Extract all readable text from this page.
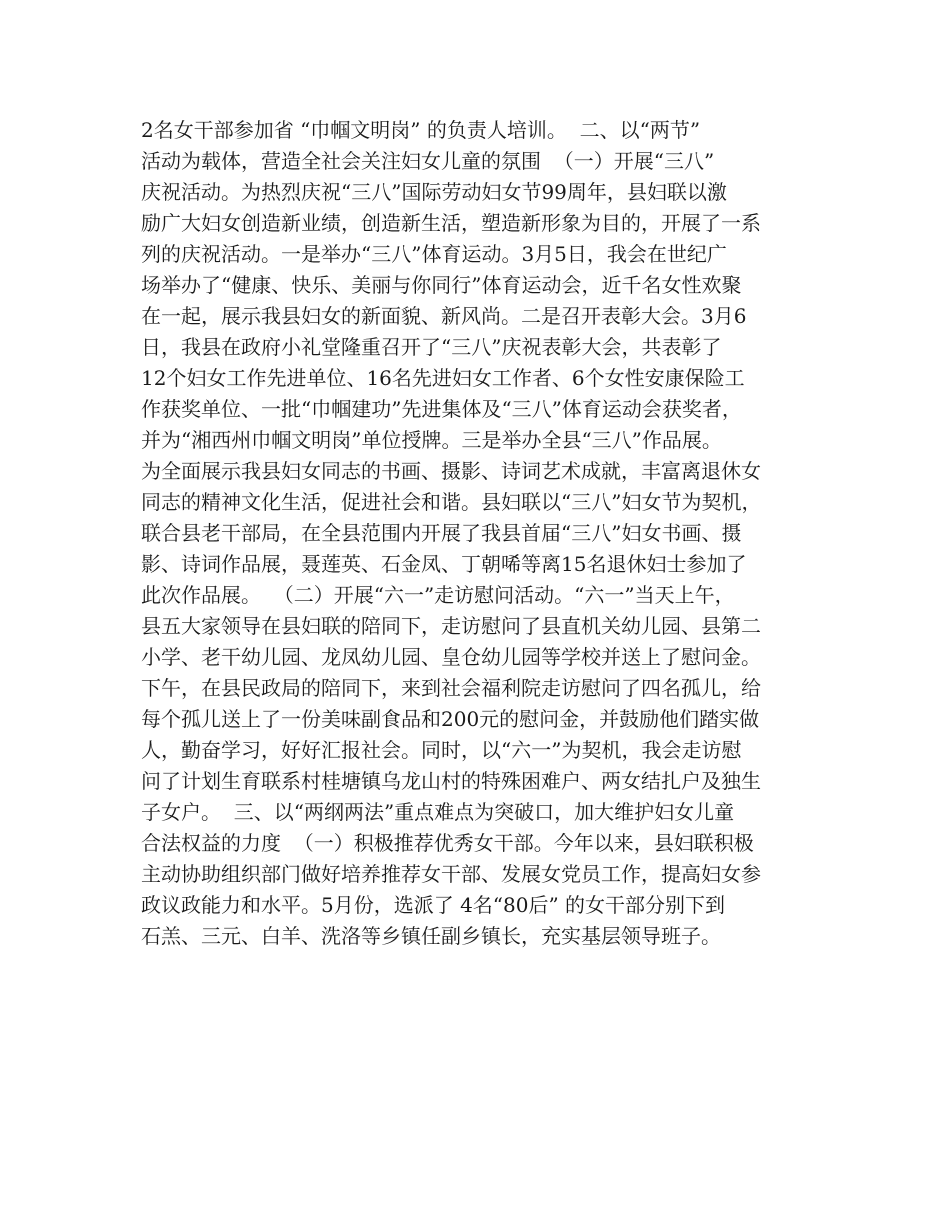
2名女干部参加省 “巾帼文明岗” 的负责人培训。  二、以“两节”
活动为载体，营造全社会关注妇女儿童的氛围  （一）开展“三八”
庆祝活动。为热烈庆祝“三八”国际劳动妇女节99周年，县妇联以激
励广大妇女创造新业绩，创造新生活，塑造新形象为目的，开展了一系
列的庆祝活动。一是举办“三八”体育运动。3月5日，我会在世纪广
场举办了“健康、快乐、美丽与你同行”体育运动会，近千名女性欢聚
在一起，展示我县妇女的新面貌、新风尚。二是召开表彰大会。3月6
日，我县在政府小礼堂隆重召开了“三八”庆祝表彰大会，共表彰了
12个妇女工作先进单位、16名先进妇女工作者、6个女性安康保险工
作获奖单位、一批“巾帼建功”先进集体及“三八”体育运动会获奖者，
并为“湘西州巾帼文明岗”单位授牌。三是举办全县“三八”作品展。
为全面展示我县妇女同志的书画、摄影、诗词艺术成就，丰富离退休女
同志的精神文化生活，促进社会和谐。县妇联以“三八”妇女节为契机，
联合县老干部局，在全县范围内开展了我县首届“三八”妇女书画、摄
影、诗词作品展，聂莲英、石金凤、丁朝唏等离15名退休妇士参加了
此次作品展。  （二）开展“六一”走访慰问活动。“六一”当天上午，
县五大家领导在县妇联的陪同下，走访慰问了县直机关幼儿园、县第二
小学、老干幼儿园、龙凤幼儿园、皇仓幼儿园等学校并送上了慰问金。
下午，在县民政局的陪同下，来到社会福利院走访慰问了四名孤儿，给
每个孤儿送上了一份美味副食品和200元的慰问金，并鼓励他们踏实做
人，勤奋学习，好好汇报社会。同时，以“六一”为契机，我会走访慰
问了计划生育联系村桂塘镇乌龙山村的特殊困难户、两女结扎户及独生
子女户。  三、以“两纲两法”重点难点为突破口，加大维护妇女儿童
合法权益的力度  （一）积极推荐优秀女干部。今年以来，县妇联积极
主动协助组织部门做好培养推荐女干部、发展女党员工作，提高妇女参
政议政能力和水平。5月份，选派了 4名“80后” 的女干部分别下到
石羔、三元、白羊、洗洛等乡镇任副乡镇长，充实基层领导班子。
